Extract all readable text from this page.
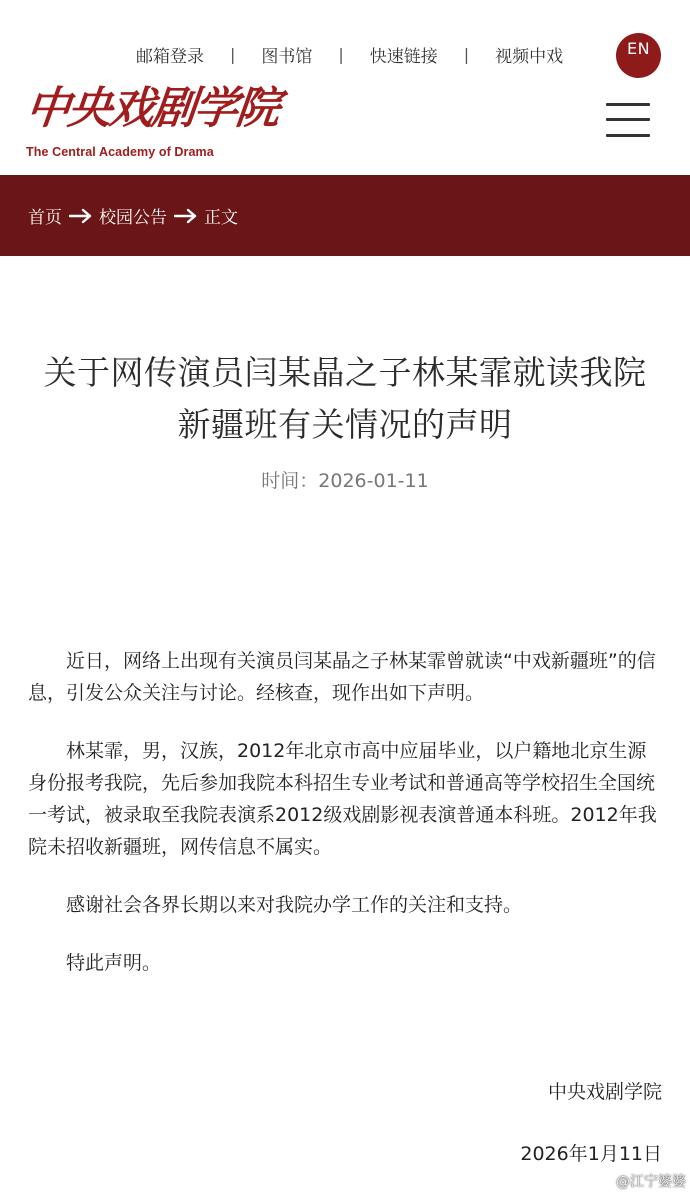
邮箱登录 | 图书馆 | 快速链接 | 视频中戏	EN
中央戏剧学院
The Central Academy of Drama
首页 校园公告 正文
关于网传演员闫某晶之子林某霏就读我院新疆班有关情况的声明
时间：2026-01-11

近日，网络上出现有关演员闫某晶之子林某霏曾就读“中戏新疆班”的信息，引发公众关注与讨论。经核查，现作出如下声明。

林某霏，男，汉族，2012年北京市高中应届毕业，以户籍地北京生源身份报考我院，先后参加我院本科招生专业考试和普通高等学校招生全国统一考试，被录取至我院表演系2012级戏剧影视表演普通本科班。2012年我院未招收新疆班，网传信息不属实。

感谢社会各界长期以来对我院办学工作的关注和支持。

特此声明。

中央戏剧学院
2026年1月11日
@江宁婆婆
